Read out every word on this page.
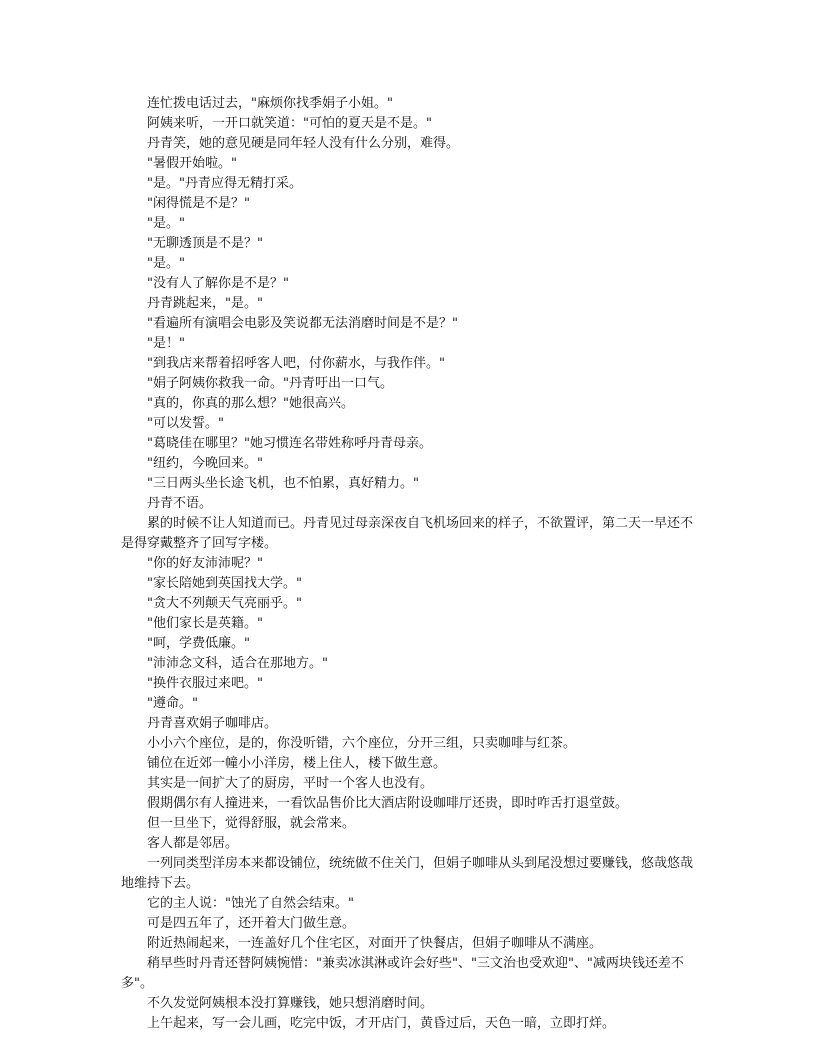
连忙拨电话过去，"麻烦你找季娟子小姐。"

阿姨来听，一开口就笑道："可怕的夏天是不是。"

丹青笑，她的意见硬是同年轻人没有什么分别，难得。

"暑假开始啦。"

"是。"丹青应得无精打采。

"闲得慌是不是？"

"是。"

"无聊透顶是不是？"

"是。"

"没有人了解你是不是？"

丹青跳起来，"是。"

"看遍所有演唱会电影及笑说都无法消磨时间是不是？"

"是！"

"到我店来帮着招呼客人吧，付你薪水，与我作伴。"

"娟子阿姨你救我一命。"丹青吁出一口气。

"真的，你真的那么想？"她很高兴。

"可以发誓。"

"葛晓佳在哪里？"她习惯连名带姓称呼丹青母亲。

"纽约，今晚回来。"

"三日两头坐长途飞机，也不怕累，真好精力。"

丹青不语。

累的时候不让人知道而已。丹青见过母亲深夜自飞机场回来的样子，不欲置评，第二天一早还不是得穿戴整齐了回写字楼。

"你的好友沛沛呢？"

"家长陪她到英国找大学。"

"贪大不列颠天气亮丽乎。"

"他们家长是英籍。"

"呵，学费低廉。"

"沛沛念文科，适合在那地方。"

"换件衣服过来吧。"

"遵命。"

丹青喜欢娟子咖啡店。

小小六个座位，是的，你没听错，六个座位，分开三组，只卖咖啡与红茶。

铺位在近郊一幢小小洋房，楼上住人，楼下做生意。

其实是一间扩大了的厨房，平时一个客人也没有。

假期偶尔有人撞进来，一看饮品售价比大酒店附设咖啡厅还贵，即时咋舌打退堂鼓。

但一旦坐下，觉得舒服，就会常来。

客人都是邻居。

一列同类型洋房本来都设铺位，统统做不住关门，但娟子咖啡从头到尾没想过要赚钱，悠哉悠哉地维持下去。

它的主人说："蚀光了自然会结束。"

可是四五年了，还开着大门做生意。

附近热闹起来，一连盖好几个住宅区，对面开了快餐店，但娟子咖啡从不满座。

稍早些时丹青还替阿姨惋惜："兼卖冰淇淋或许会好些"、"三文治也受欢迎"、"减两块钱还差不多"。

不久发觉阿姨根本没打算赚钱，她只想消磨时间。

上午起来，写一会儿画，吃完中饭，才开店门，黄昏过后，天色一暗，立即打烊。
